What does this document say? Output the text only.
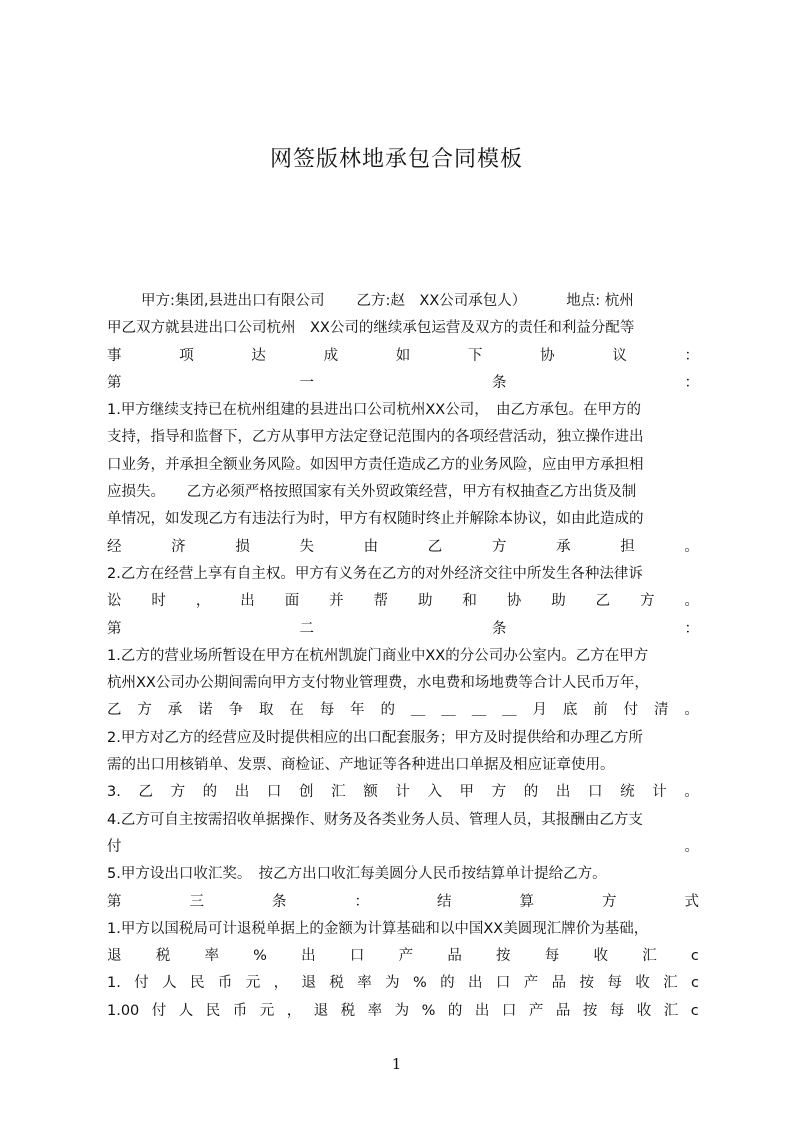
网签版林地承包合同模板
甲方:集团,县进出口有限公司 乙方:赵　XX公司承包人）	地点: 杭州
甲乙双方就县进出口公司杭州　XX公司的继续承包运营及双方的责任和利益分配等
事	项	达	成	如	下	协	议	：
第	一	条	：
1.甲方继续支持已在杭州组建的县进出口公司杭州XX公司，　由乙方承包。在甲方的
支持，指导和监督下，乙方从事甲方法定登记范围内的各项经营活动，独立操作进出
口业务，并承担全额业务风险。如因甲方责任造成乙方的业务风险，应由甲方承担相
应损失。　　乙方必须严格按照国家有关外贸政策经营，甲方有权抽查乙方出货及制
单情况，如发现乙方有违法行为时，甲方有权随时终止并解除本协议，如由此造成的
经	济	损	失	由	乙	方	承	担	。
2.乙方在经营上享有自主权。甲方有义务在乙方的对外经济交往中所发生各种法律诉
讼 时 ， 出 面 并 帮 助 和 协 助 乙 方 。
第	二	条	：
1.乙方的营业场所暂设在甲方在杭州凯旋门商业中XX的分公司办公室内。乙方在甲方
杭州XX公司办公期间需向甲方支付物业管理费，水电费和场地费等合计人民币万年，
乙 方 承 诺 争 取 在 每 年 的 ＿ ＿ ＿ ＿ 月 底 前 付 清 。
2.甲方对乙方的经营应及时提供相应的出口配套服务；甲方及时提供给和办理乙方所
需的出口用核销单、发票、商检证、产地证等各种进出口单据及相应证章使用。
3. 乙 方 的 出 口 创 汇 额 计 入 甲 方 的 出 口 统 计 。
4.乙方可自主按需招收单据操作、财务及各类业务人员、管理人员，其报酬由乙方支
付	。
5.甲方设出口收汇奖。　按乙方出口收汇每美圆分人民币按结算单计提给乙方。
第	三	条	：	结	算	方	式
1.甲方以国税局可计退税单据上的金额为计算基础和以中国XX美圆现汇牌价为基础，
退 税 率 % 出 口 产 品 按 每 收 汇 c
1. 付 人 民 币 元 ， 退 税 率 为 % 的 出 口 产 品 按 每 收 汇 c
1.00 付 人 民 币 元 ， 退 税 率 为 % 的 出 口 产 品 按 每 收 汇 c
1
